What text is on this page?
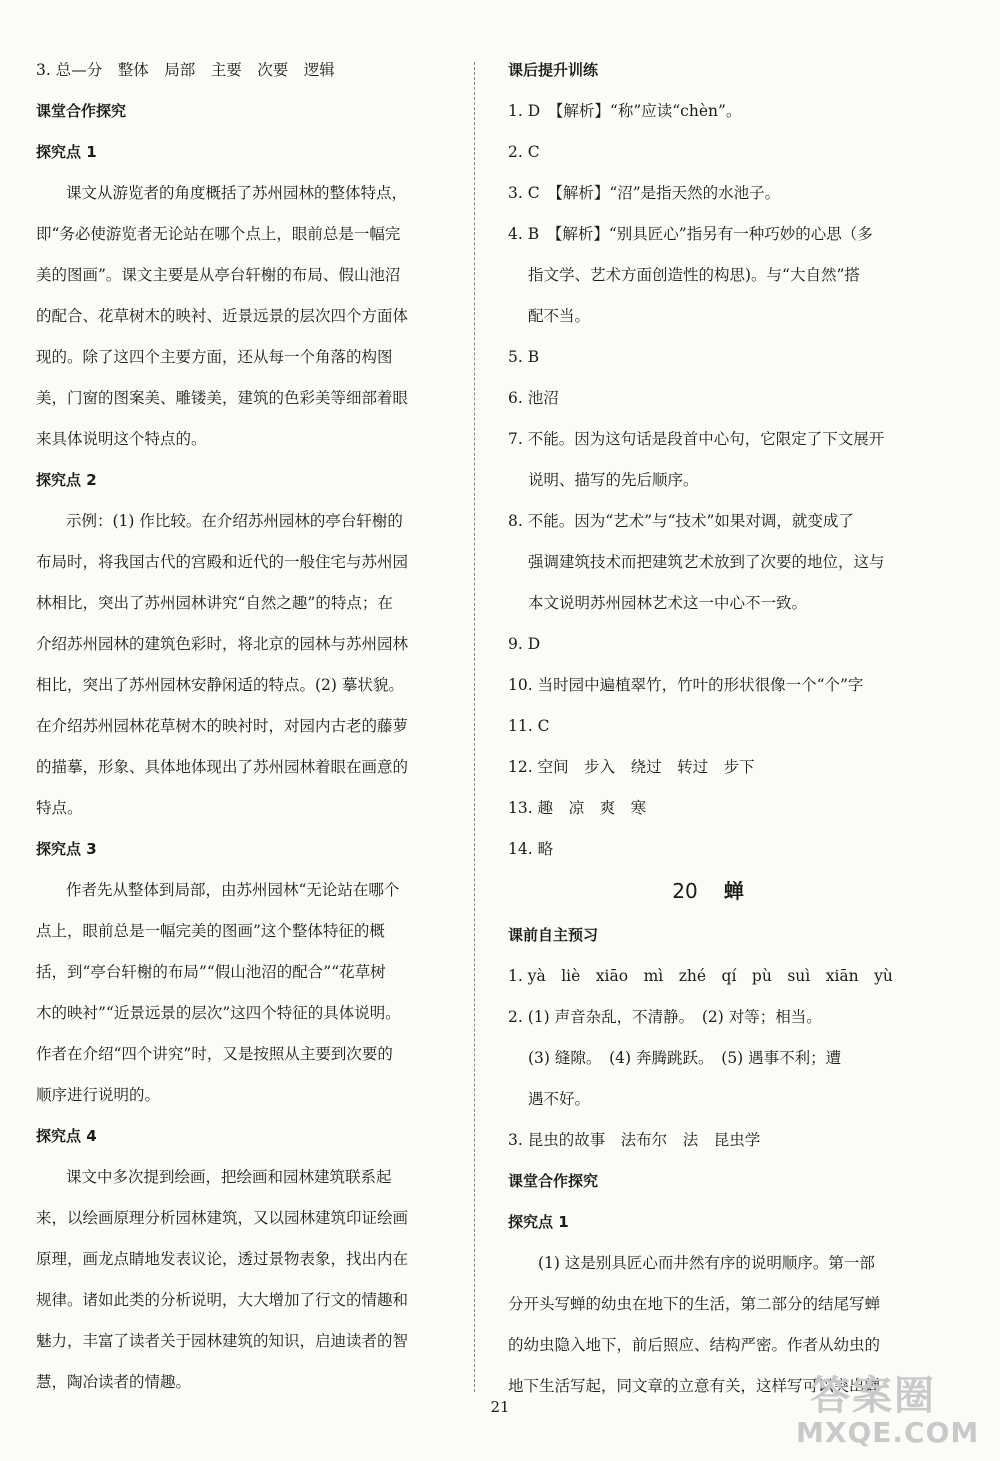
3. 总—分　整体　局部　主要　次要　逻辑
课堂合作探究
探究点 1
课文从游览者的角度概括了苏州园林的整体特点，
即“务必使游览者无论站在哪个点上，眼前总是一幅完
美的图画”。课文主要是从亭台轩榭的布局、假山池沼
的配合、花草树木的映衬、近景远景的层次四个方面体
现的。除了这四个主要方面，还从每一个角落的构图
美，门窗的图案美、雕镂美，建筑的色彩美等细部着眼
来具体说明这个特点的。
探究点 2
示例：(1) 作比较。在介绍苏州园林的亭台轩榭的
布局时，将我国古代的宫殿和近代的一般住宅与苏州园
林相比，突出了苏州园林讲究“自然之趣”的特点；在
介绍苏州园林的建筑色彩时，将北京的园林与苏州园林
相比，突出了苏州园林安静闲适的特点。(2) 摹状貌。
在介绍苏州园林花草树木的映衬时，对园内古老的藤萝
的描摹，形象、具体地体现出了苏州园林着眼在画意的
特点。
探究点 3
作者先从整体到局部，由苏州园林“无论站在哪个
点上，眼前总是一幅完美的图画”这个整体特征的概
括，到“亭台轩榭的布局”“假山池沼的配合”“花草树
木的映衬”“近景远景的层次”这四个特征的具体说明。
作者在介绍“四个讲究”时，又是按照从主要到次要的
顺序进行说明的。
探究点 4
课文中多次提到绘画，把绘画和园林建筑联系起
来，以绘画原理分析园林建筑，又以园林建筑印证绘画
原理，画龙点睛地发表议论，透过景物表象，找出内在
规律。诸如此类的分析说明，大大增加了行文的情趣和
魅力，丰富了读者关于园林建筑的知识，启迪读者的智
慧，陶冶读者的情趣。
课后提升训练
1. D　【解析】“称”应读“chèn”。
2. C
3. C　【解析】“沼”是指天然的水池子。
4. B　【解析】“别具匠心”指另有一种巧妙的心思（多
指文学、艺术方面创造性的构思)。与“大自然”搭
配不当。
5. B
6. 池沼
7. 不能。因为这句话是段首中心句，它限定了下文展开
说明、描写的先后顺序。
8. 不能。因为“艺术”与“技术”如果对调，就变成了
强调建筑技术而把建筑艺术放到了次要的地位，这与
本文说明苏州园林艺术这一中心不一致。
9. D
10. 当时园中遍植翠竹，竹叶的形状很像一个“个”字
11. C
12. 空间　步入　绕过　转过　步下
13. 趣　凉　爽　寒
14. 略
20 蝉
课前自主预习
1. yà　liè　xiāo　mì　zhé　qí　pù　suì　xiān　yù
2. (1) 声音杂乱，不清静。　(2) 对等；相当。
(3) 缝隙。　(4) 奔腾跳跃。　(5) 遇事不利；遭
遇不好。
3. 昆虫的故事　法布尔　法　昆虫学
课堂合作探究
探究点 1
(1) 这是别具匠心而井然有序的说明顺序。第一部
分开头写蝉的幼虫在地下的生活，第二部分的结尾写蝉
的幼虫隐入地下，前后照应、结构严密。作者从幼虫的
地下生活写起，同文章的立意有关，这样写可以突出蝉
21	答案圈
MXQE.COM
